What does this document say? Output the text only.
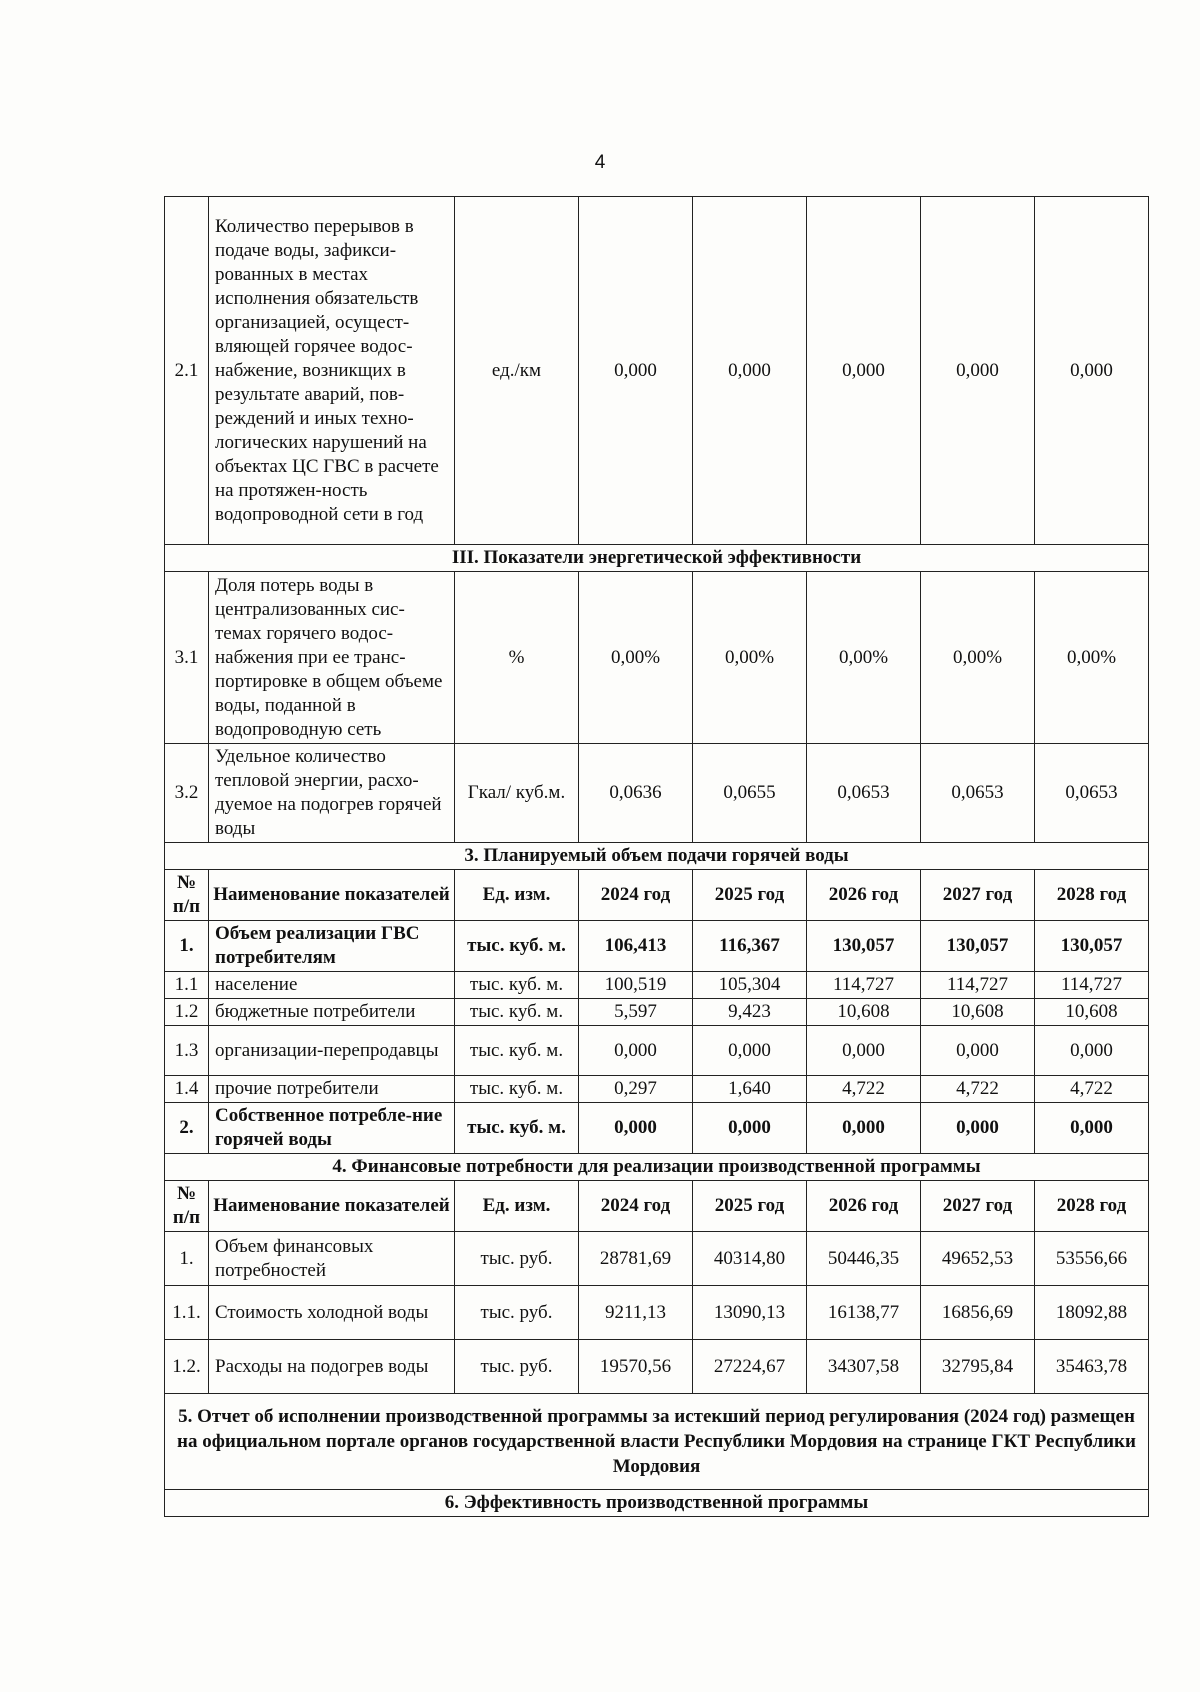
4
2.1	Количество перерывов в подаче воды, зафикси-рованных в местах исполнения обязательств организацией, осущест-вляющей горячее водос-набжение, возникщих в результате аварий, пов-реждений и иных техно-логических нарушений на объектах ЦС ГВС в расчете на протяжен-ность водопроводной сети в год	ед./км	0,000	0,000	0,000	0,000	0,000
III. Показатели энергетической эффективности							
3.1	Доля потерь воды в централизованных сис-темах горячего водос-набжения при ее транс-портировке в общем объеме воды, поданной в водопроводную сеть	%	0,00%	0,00%	0,00%	0,00%	0,00%
3.2	Удельное количество тепловой энергии, расхо-дуемое на подогрев горячей воды	Гкал/ куб.м.	0,0636	0,0655	0,0653	0,0653	0,0653
3. Планируемый объем подачи горячей воды							
№ п/п	Наименование показателей	Ед. изм.	2024 год	2025 год	2026 год	2027 год	2028 год
1.	Объем реализации ГВС потребителям	тыс. куб. м.	106,413	116,367	130,057	130,057	130,057
1.1	население	тыс. куб. м.	100,519	105,304	114,727	114,727	114,727
1.2	бюджетные потребители	тыс. куб. м.	5,597	9,423	10,608	10,608	10,608
1.3	организации-перепродавцы	тыс. куб. м.	0,000	0,000	0,000	0,000	0,000
1.4	прочие потребители	тыс. куб. м.	0,297	1,640	4,722	4,722	4,722
2.	Собственное потребле-ние горячей воды	тыс. куб. м.	0,000	0,000	0,000	0,000	0,000
4. Финансовые потребности для реализации производственной программы							
№ п/п	Наименование показателей	Ед. изм.	2024 год	2025 год	2026 год	2027 год	2028 год
1.	Объем финансовых потребностей	тыс. руб.	28781,69	40314,80	50446,35	49652,53	53556,66
1.1.	Стоимость холодной воды	тыс. руб.	9211,13	13090,13	16138,77	16856,69	18092,88
1.2.	Расходы на подогрев воды	тыс. руб.	19570,56	27224,67	34307,58	32795,84	35463,78
5. Отчет об исполнении производственной программы за истекший период регулирования (2024 год) размещен на официальном портале органов государственной власти Республики Мордовия на странице ГКТ Республики Мордовия							
6. Эффективность производственной программы							
